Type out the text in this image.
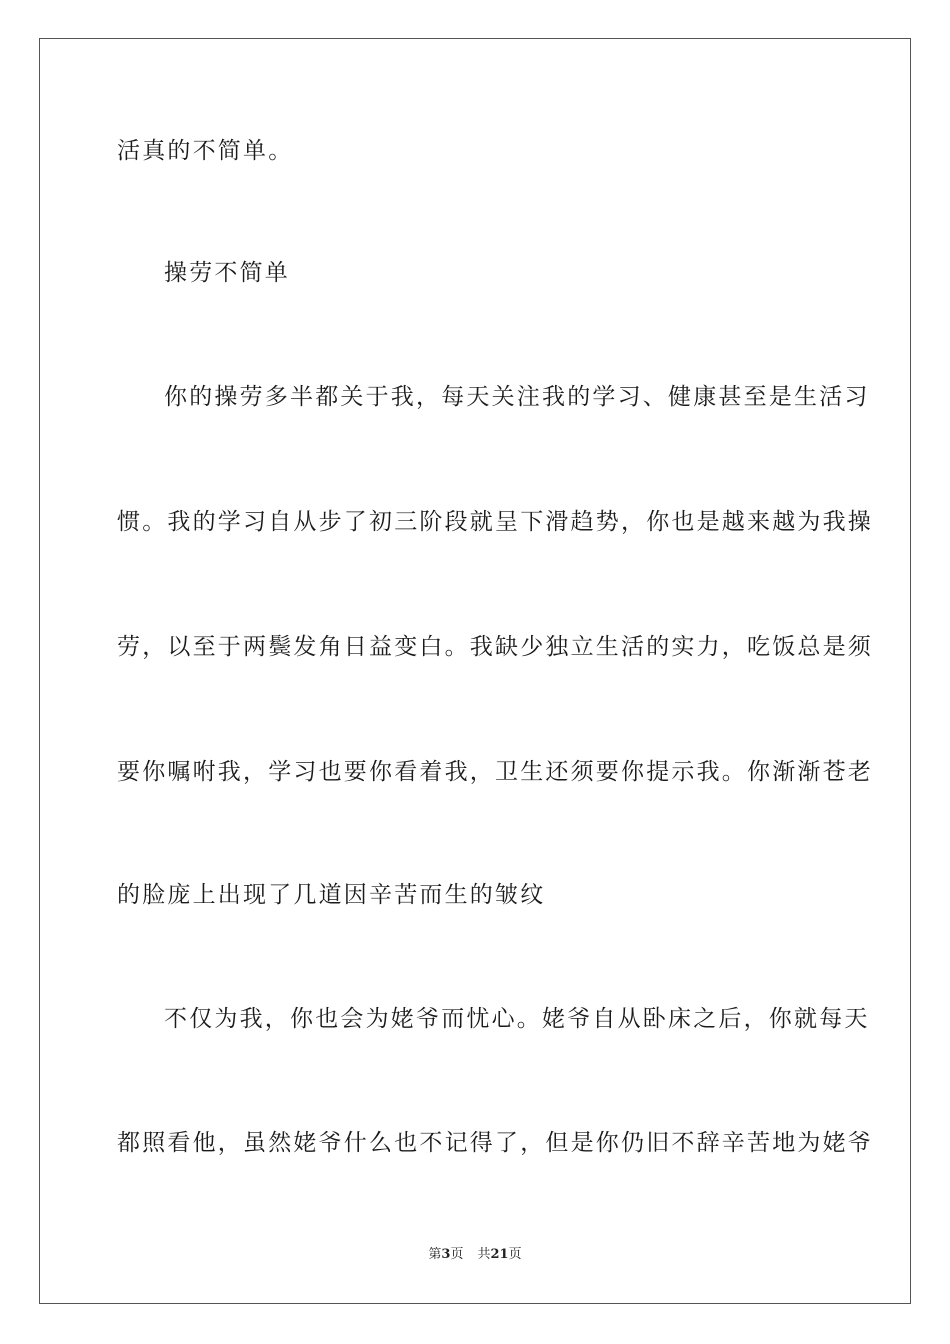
活真的不简单。
操劳不简单
你的操劳多半都关于我，每天关注我的学习、健康甚至是生活习
惯。我的学习自从步了初三阶段就呈下滑趋势，你也是越来越为我操
劳，以至于两鬓发角日益变白。我缺少独立生活的实力，吃饭总是须
要你嘱咐我，学习也要你看着我，卫生还须要你提示我。你渐渐苍老
的脸庞上出现了几道因辛苦而生的皱纹
不仅为我，你也会为姥爷而忧心。姥爷自从卧床之后，你就每天
都照看他，虽然姥爷什么也不记得了，但是你仍旧不辞辛苦地为姥爷
第3页 共21页
